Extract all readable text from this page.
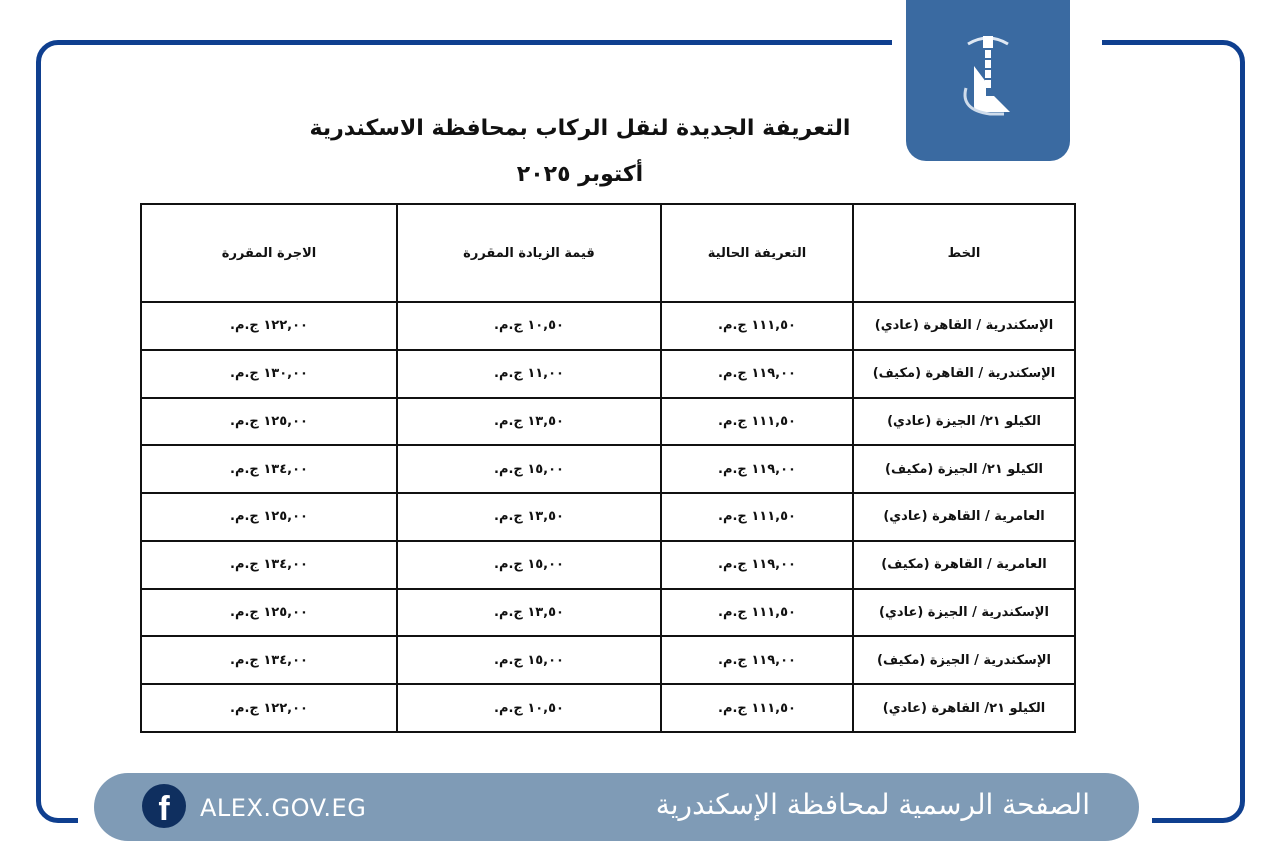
التعريفة الجديدة لنقل الركاب بمحافظة الاسكندرية
أكتوبر ٢٠٢٥
الخط	التعريفة الحالية	قيمة الزيادة المقررة	الاجرة المقررة
الإسكندرية / القاهرة (عادي)	١١١,٥٠ ج.م.	١٠,٥٠ ج.م.	١٢٢,٠٠ ج.م.
الإسكندرية / القاهرة (مكيف)	١١٩,٠٠ ج.م.	١١,٠٠ ج.م.	١٣٠,٠٠ ج.م.
الكيلو ٢١/ الجيزة (عادي)	١١١,٥٠ ج.م.	١٣,٥٠ ج.م.	١٢٥,٠٠ ج.م.
الكيلو ٢١/ الجيزة (مكيف)	١١٩,٠٠ ج.م.	١٥,٠٠ ج.م.	١٣٤,٠٠ ج.م.
العامرية / القاهرة (عادي)	١١١,٥٠ ج.م.	١٣,٥٠ ج.م.	١٢٥,٠٠ ج.م.
العامرية / القاهرة (مكيف)	١١٩,٠٠ ج.م.	١٥,٠٠ ج.م.	١٣٤,٠٠ ج.م.
الإسكندرية / الجيزة (عادي)	١١١,٥٠ ج.م.	١٣,٥٠ ج.م.	١٢٥,٠٠ ج.م.
الإسكندرية / الجيزة (مكيف)	١١٩,٠٠ ج.م.	١٥,٠٠ ج.م.	١٣٤,٠٠ ج.م.
الكيلو ٢١/ القاهرة (عادي)	١١١,٥٠ ج.م.	١٠,٥٠ ج.م.	١٢٢,٠٠ ج.م.
f	ALEX.GOV.EG	الصفحة الرسمية لمحافظة الإسكندرية
